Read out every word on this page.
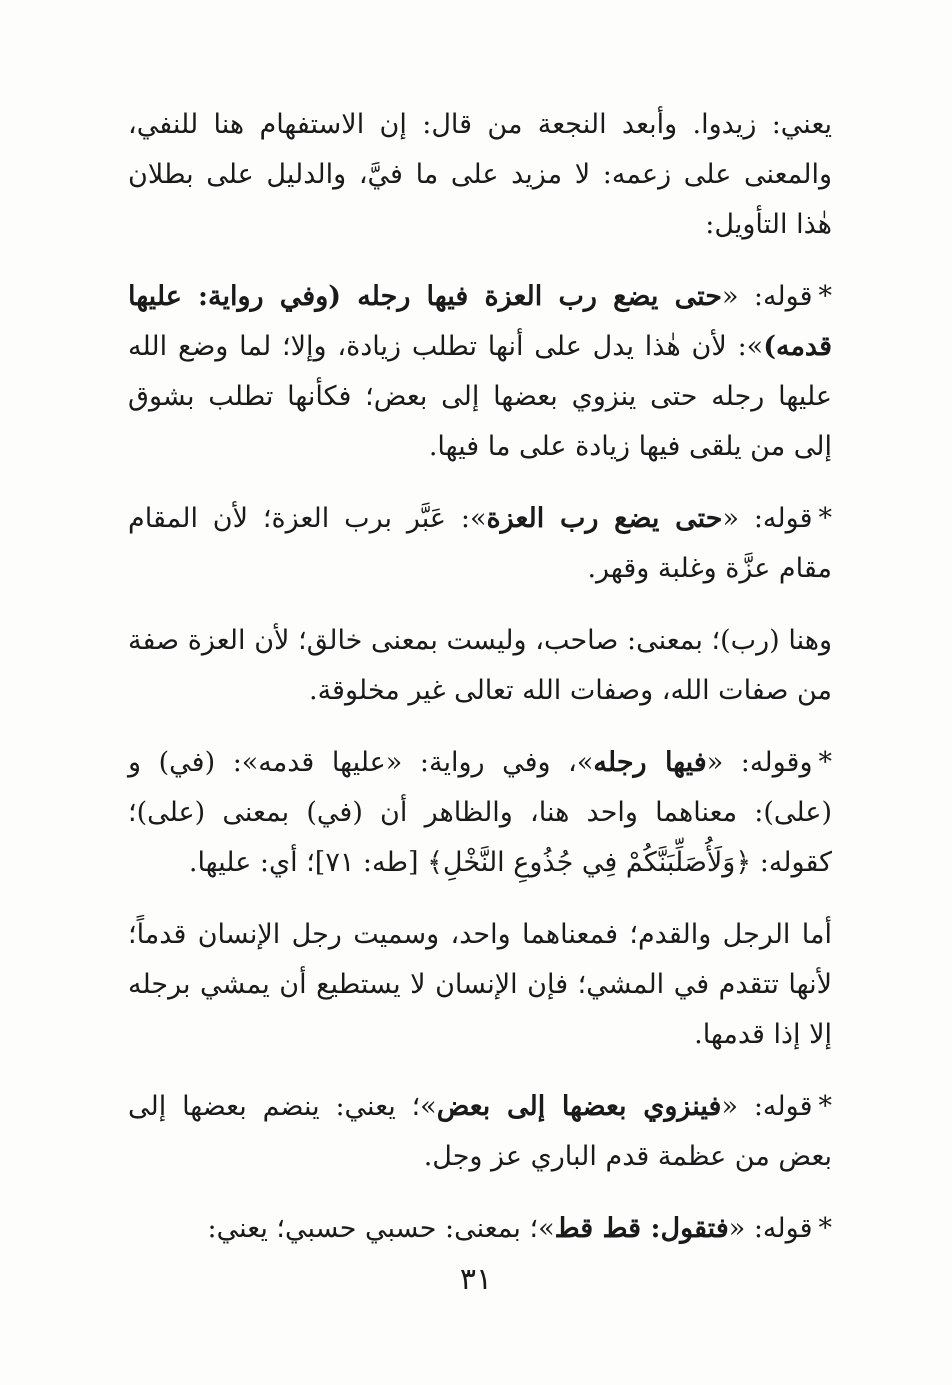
يعني: زيدوا. وأبعد النجعة من قال: إن الاستفهام هنا للنفي، والمعنى على زعمه: لا مزيد على ما فيَّ، والدليل على بطلان هٰذا التأويل:

*قوله: «حتى يضع رب العزة فيها رجله (وفي رواية: عليها قدمه)»: لأن هٰذا يدل على أنها تطلب زيادة، وإلا؛ لما وضع الله عليها رجله حتى ينزوي بعضها إلى بعض؛ فكأنها تطلب بشوق إلى من يلقى فيها زيادة على ما فيها.

*قوله: «حتى يضع رب العزة»: عَبَّر برب العزة؛ لأن المقام مقام عزَّة وغلبة وقهر.

وهنا (رب)؛ بمعنى: صاحب، وليست بمعنى خالق؛ لأن العزة صفة من صفات الله، وصفات الله تعالى غير مخلوقة.

*وقوله: «فيها رجله»، وفي رواية: «عليها قدمه»: (في) و (على): معناهما واحد هنا، والظاهر أن (في) بمعنى (على)؛ كقوله: ﴿وَلَأُصَلِّبَنَّكُمْ فِي جُذُوعِ النَّخْلِ﴾ [طه: ٧١]؛ أي: عليها.

أما الرجل والقدم؛ فمعناهما واحد، وسميت رجل الإنسان قدماً؛ لأنها تتقدم في المشي؛ فإن الإنسان لا يستطيع أن يمشي برجله إلا إذا قدمها.

*قوله: «فينزوي بعضها إلى بعض»؛ يعني: ينضم بعضها إلى بعض من عظمة قدم الباري عز وجل.

*قوله: «فتقول: قط قط»؛ بمعنى: حسبي حسبي؛ يعني:

٣١
